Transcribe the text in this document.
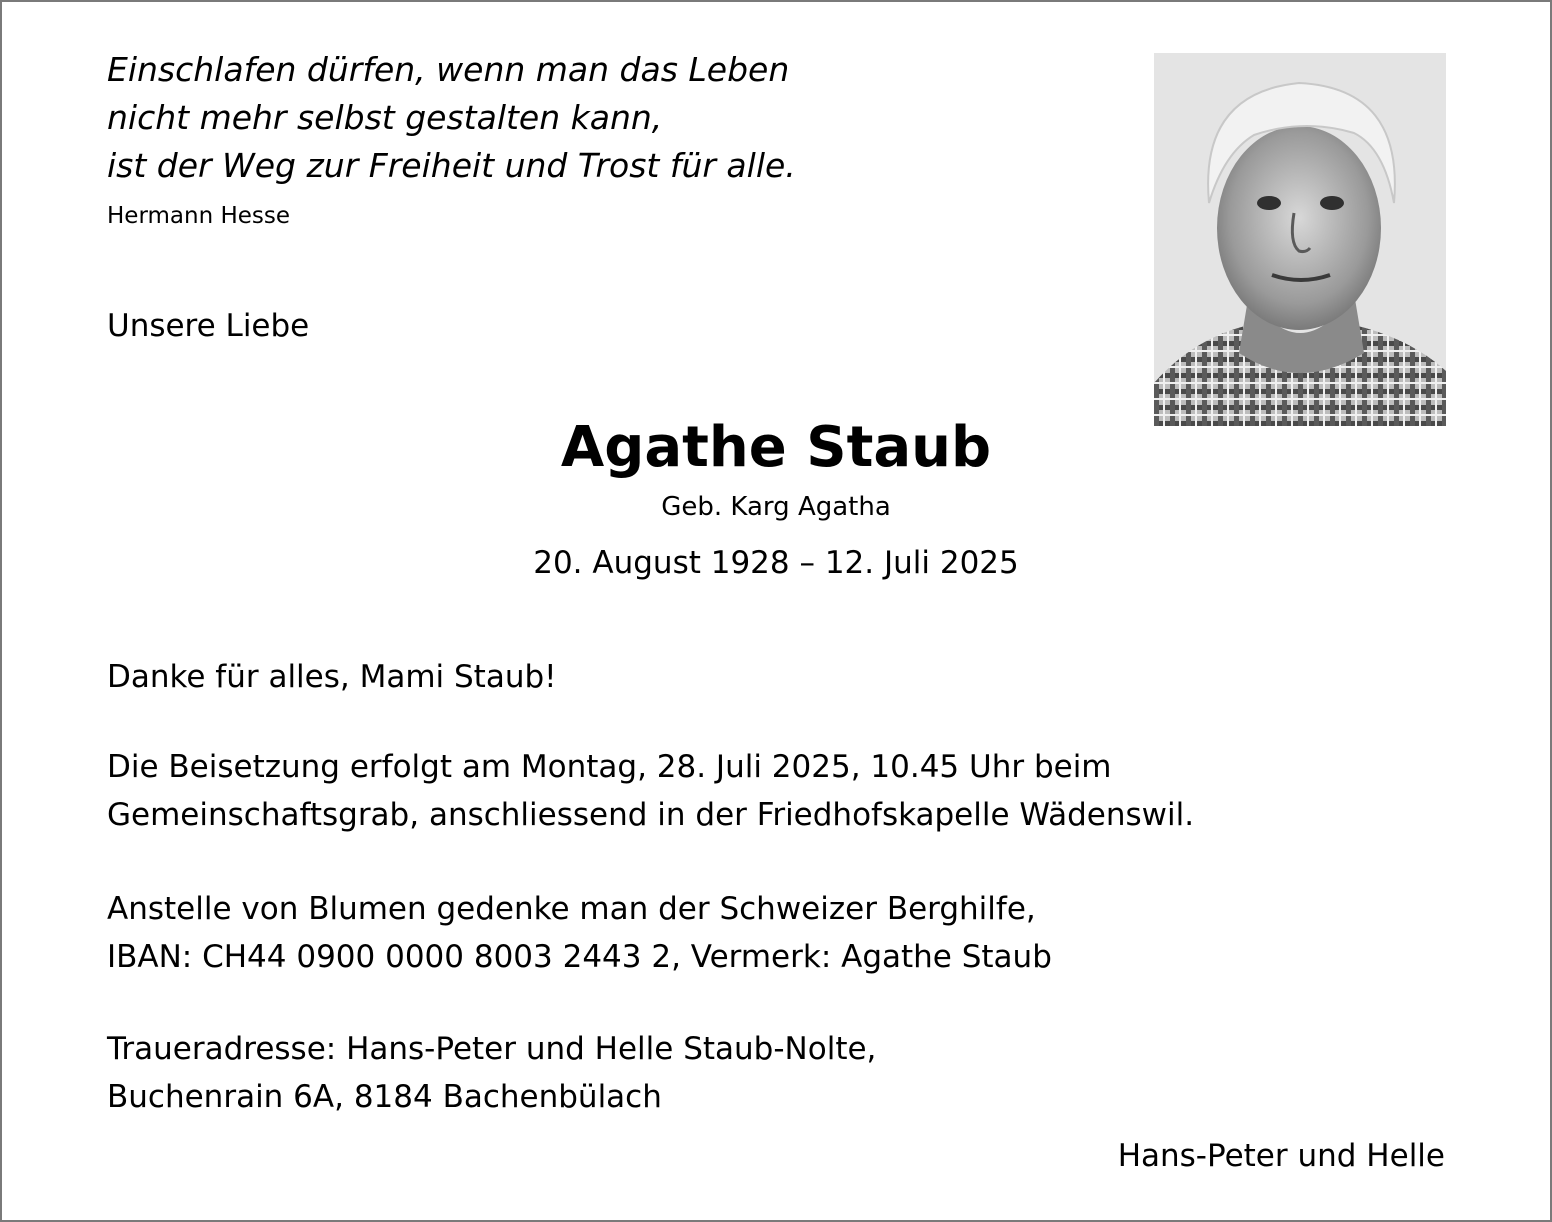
Einschlafen dürfen, wenn man das Leben
nicht mehr selbst gestalten kann,
ist der Weg zur Freiheit und Trost für alle.
Hermann Hesse
Unsere Liebe
Agathe Staub
Geb. Karg Agatha
20. August 1928 – 12. Juli 2025
Danke für alles, Mami Staub!
Die Beisetzung erfolgt am Montag, 28. Juli 2025, 10.45 Uhr beim
Gemeinschaftsgrab, anschliessend in der Friedhofskapelle Wädenswil.
Anstelle von Blumen gedenke man der Schweizer Berghilfe,
IBAN: CH44 0900 0000 8003 2443 2, Vermerk: Agathe Staub
Traueradresse: Hans-Peter und Helle Staub-Nolte,
Buchenrain 6A, 8184 Bachenbülach
Hans-Peter und Helle
